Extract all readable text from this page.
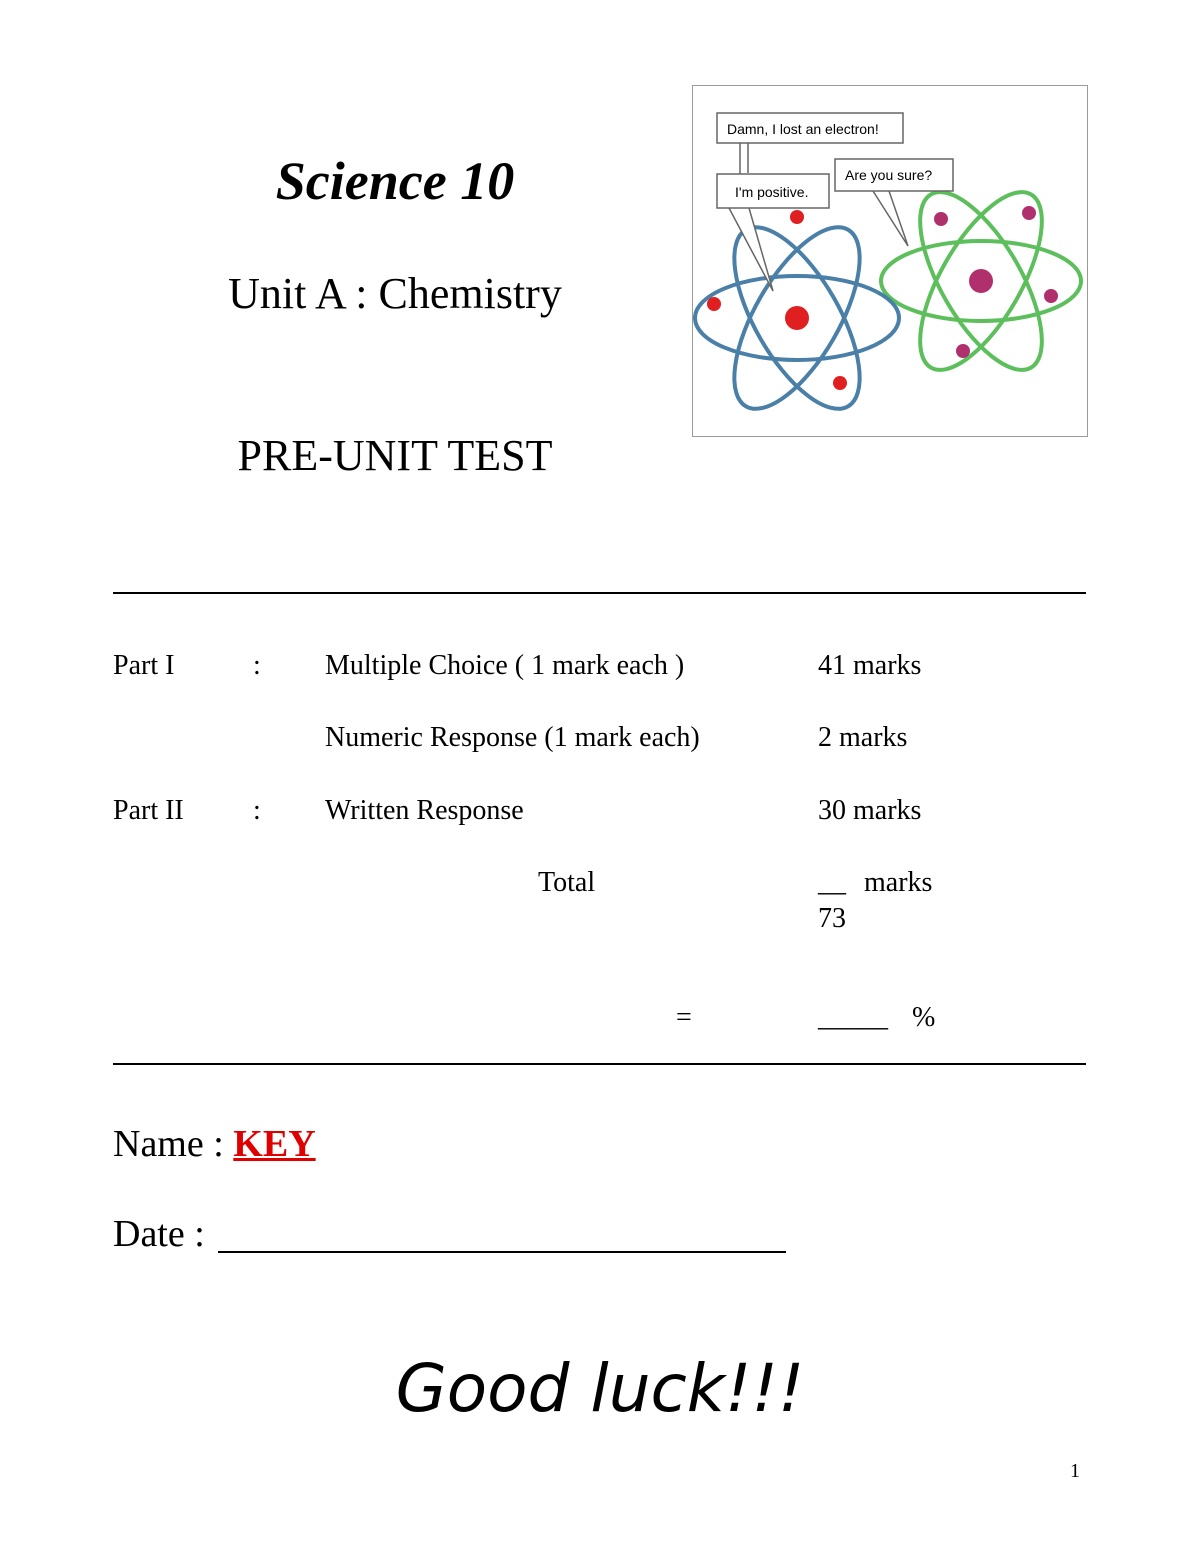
Science 10
Unit A : Chemistry
PRE-UNIT TEST
Damn, I lost an electron!
Are you sure?
I'm positive.
Part I	: Multiple Choice ( 1 mark each )	41 marks
Numeric Response (1 mark each)	2 marks
Part II : Written Response	30 marks
Total	__ marks
73
=	_____ %
Name : KEY
Date :
Good luck!!!
1
